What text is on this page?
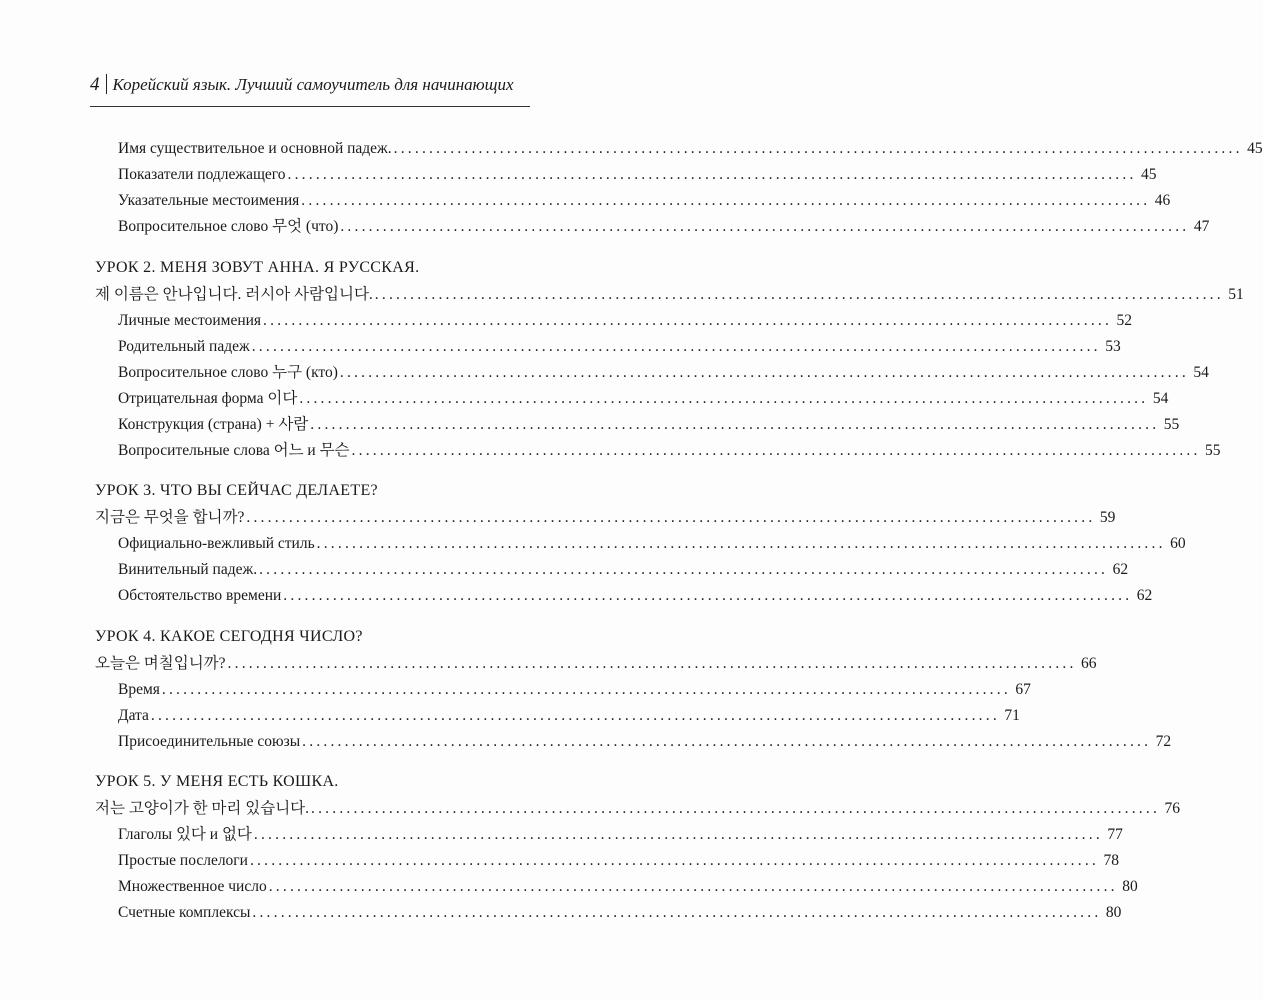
4 Корейский язык. Лучший самоучитель для начинающих
Имя существительное и основной падеж. ........................................................................................................................ 45
Показатели подлежащего ........................................................................................................................ 45
Указательные местоимения ........................................................................................................................ 46
Вопросительное слово 무엇 (что) ........................................................................................................................ 47
УРОК 2. МЕНЯ ЗОВУТ АННА. Я РУССКАЯ.
제 이름은 안나입니다. 러시아 사람입니다. ........................................................................................................................ 51
Личные местоимения ........................................................................................................................ 52
Родительный падеж ........................................................................................................................ 53
Вопросительное слово 누구 (кто) ........................................................................................................................ 54
Отрицательная форма 이다 ........................................................................................................................ 54
Конструкция (страна) + 사람 ........................................................................................................................ 55
Вопросительные слова 어느 и 무슨 ........................................................................................................................ 55
УРОК 3. ЧТО ВЫ СЕЙЧАС ДЕЛАЕТЕ?
지금은 무엇을 합니까? ........................................................................................................................ 59
Официально-вежливый стиль ........................................................................................................................ 60
Винительный падеж. ........................................................................................................................ 62
Обстоятельство времени ........................................................................................................................ 62
УРОК 4. КАКОЕ СЕГОДНЯ ЧИСЛО?
오늘은 며칠입니까? ........................................................................................................................ 66
Время ........................................................................................................................ 67
Дата ........................................................................................................................ 71
Присоединительные союзы ........................................................................................................................ 72
УРОК 5. У МЕНЯ ЕСТЬ КОШКА.
저는 고양이가 한 마리 있습니다. ........................................................................................................................ 76
Глаголы 있다 и 없다 ........................................................................................................................ 77
Простые послелоги ........................................................................................................................ 78
Множественное число ........................................................................................................................ 80
Счетные комплексы ........................................................................................................................ 80
